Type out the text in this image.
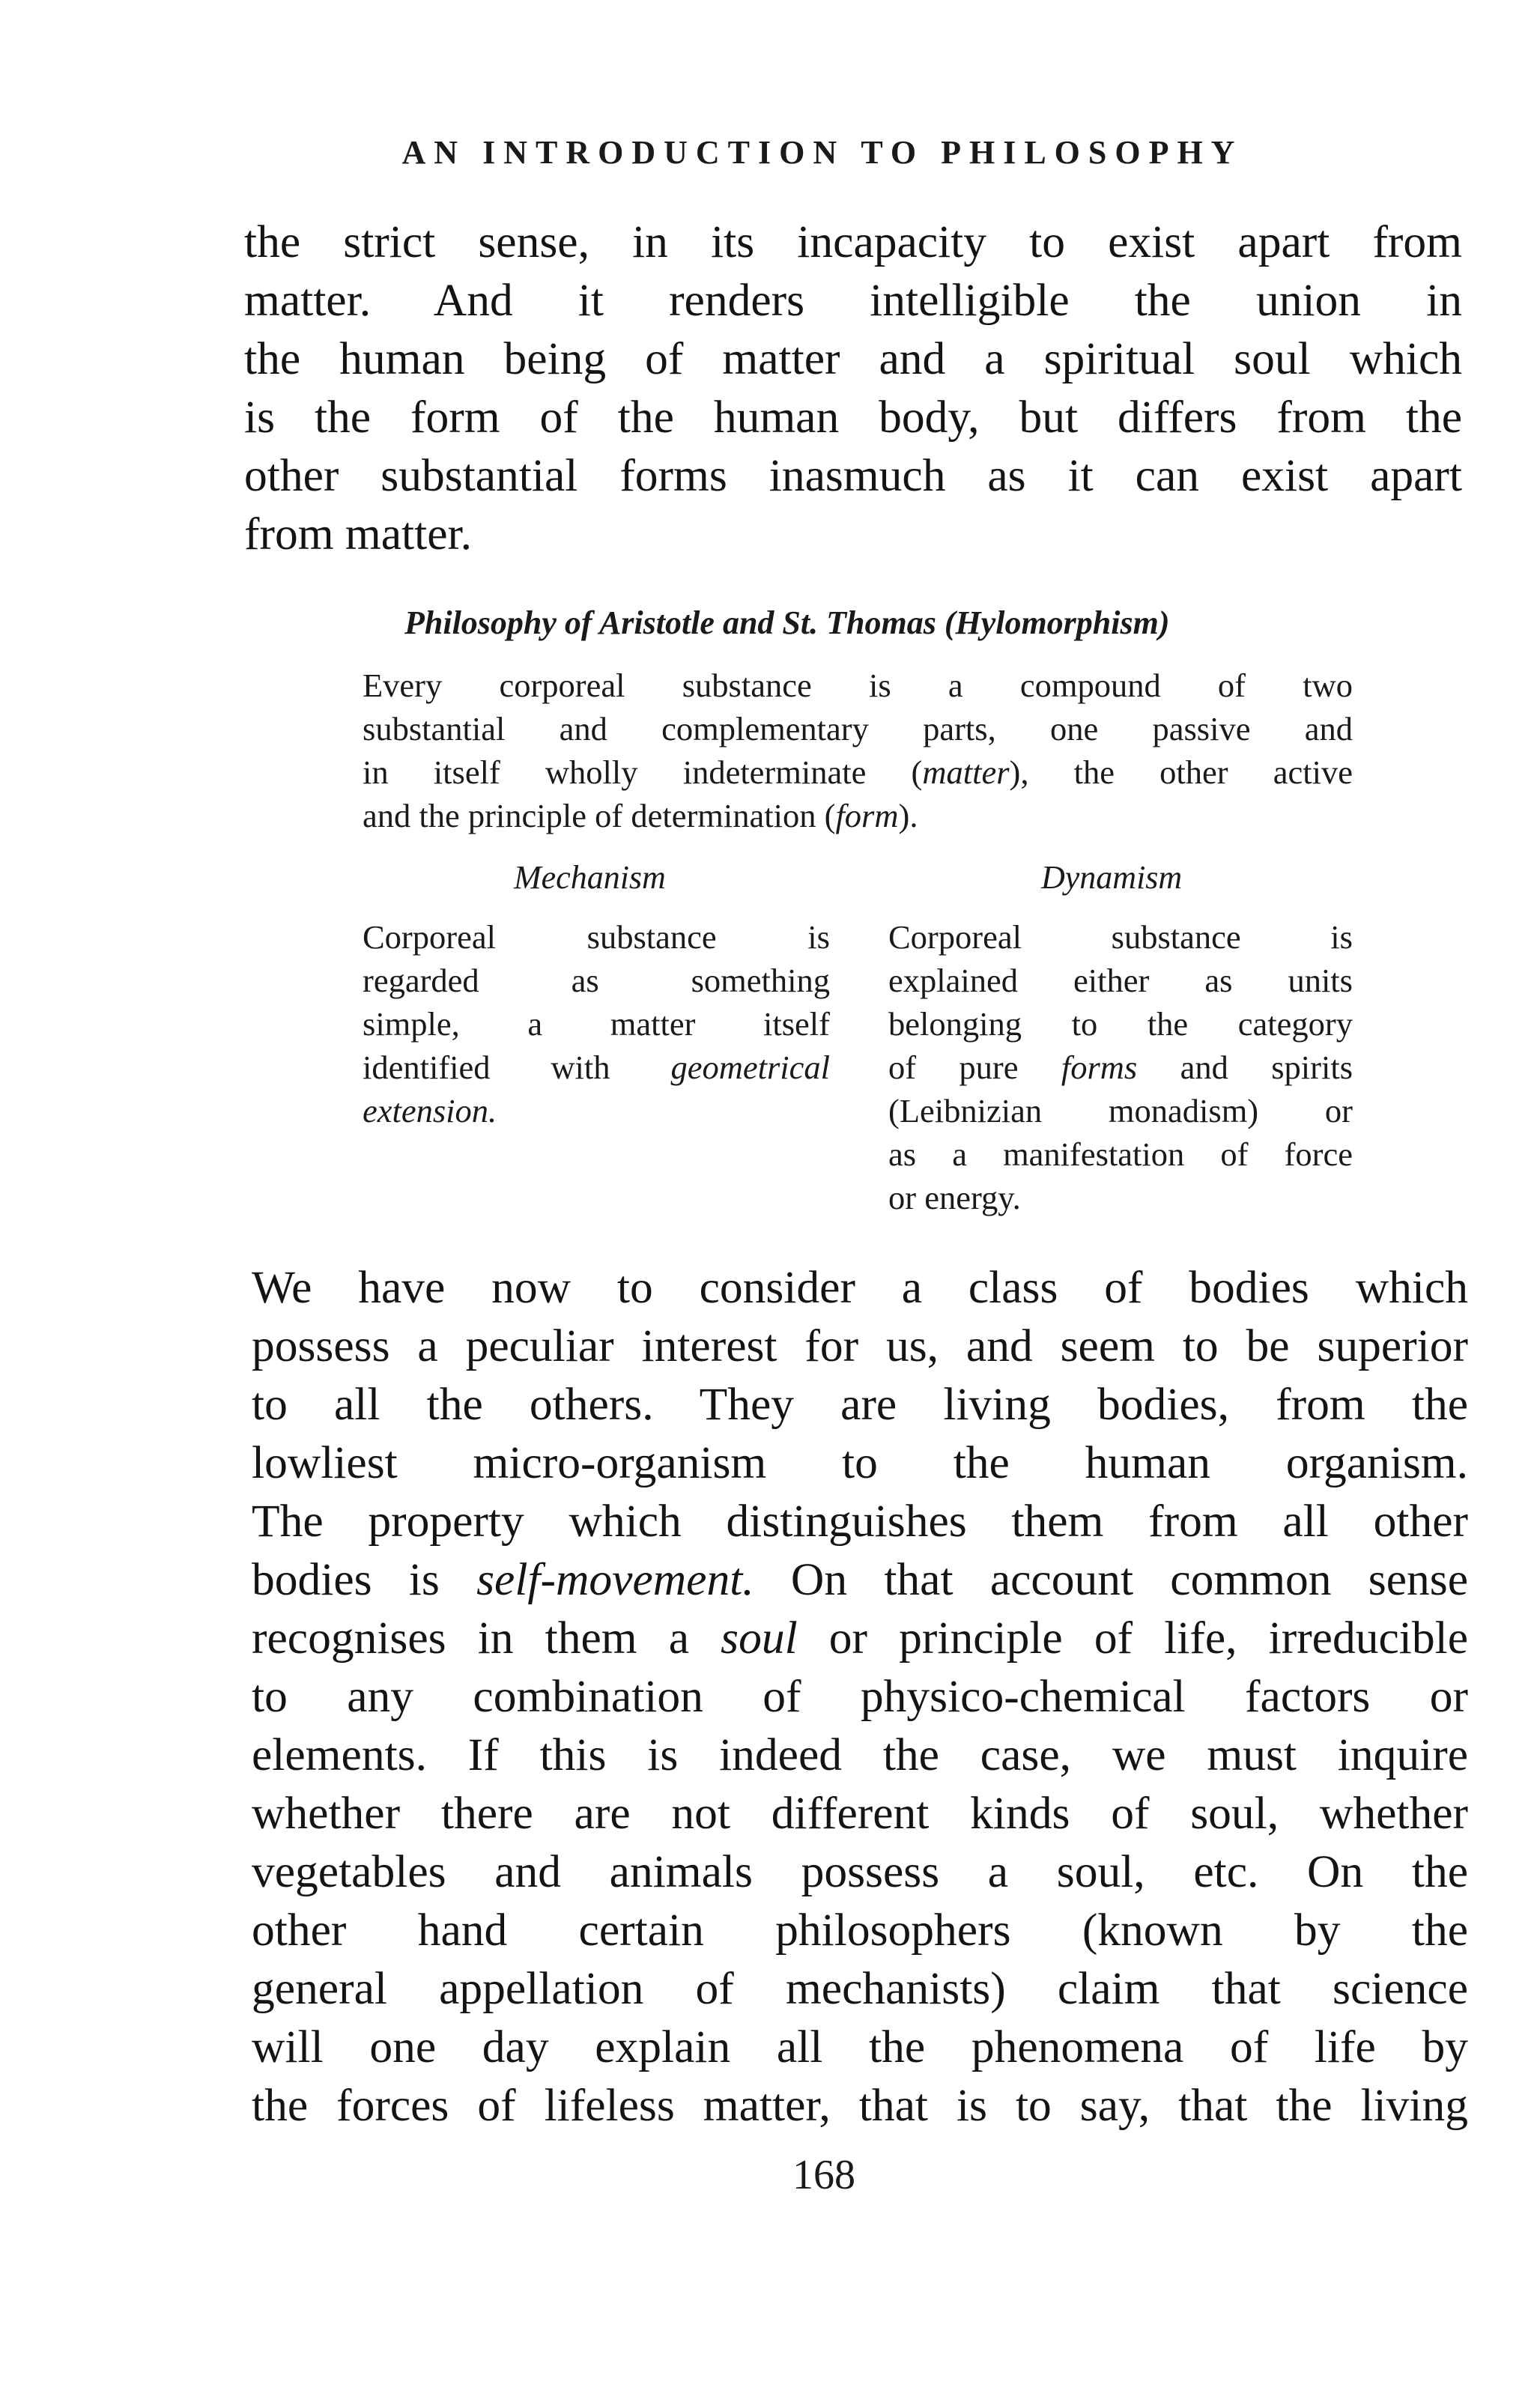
AN INTRODUCTION TO PHILOSOPHY
the strict sense, in its incapacity to exist apart from
matter. And it renders intelligible the union in
the human being of matter and a spiritual soul which
is the form of the human body, but differs from the
other substantial forms inasmuch as it can exist apart
from matter.
Philosophy of Aristotle and St. Thomas (Hylomorphism)
Every corporeal substance is a compound of two
substantial and complementary parts, one passive and
in itself wholly indeterminate (matter), the other active
and the principle of determination (form).
Mechanism	Dynamism
Corporeal substance is
regarded as something
simple, a matter itself
identified with geometrical
extension.
Corporeal substance is
explained either as units
belonging to the category
of pure forms and spirits
(Leibnizian monadism) or
as a manifestation of force
or energy.
We have now to consider a class of bodies which
possess a peculiar interest for us, and seem to be superior
to all the others. They are living bodies, from the
lowliest micro-organism to the human organism.
The property which distinguishes them from all other
bodies is self-movement. On that account common sense
recognises in them a soul or principle of life, irreducible
to any combination of physico-chemical factors or
elements. If this is indeed the case, we must inquire
whether there are not different kinds of soul, whether
vegetables and animals possess a soul, etc. On the
other hand certain philosophers (known by the
general appellation of mechanists) claim that science
will one day explain all the phenomena of life by
the forces of lifeless matter, that is to say, that the living
168
